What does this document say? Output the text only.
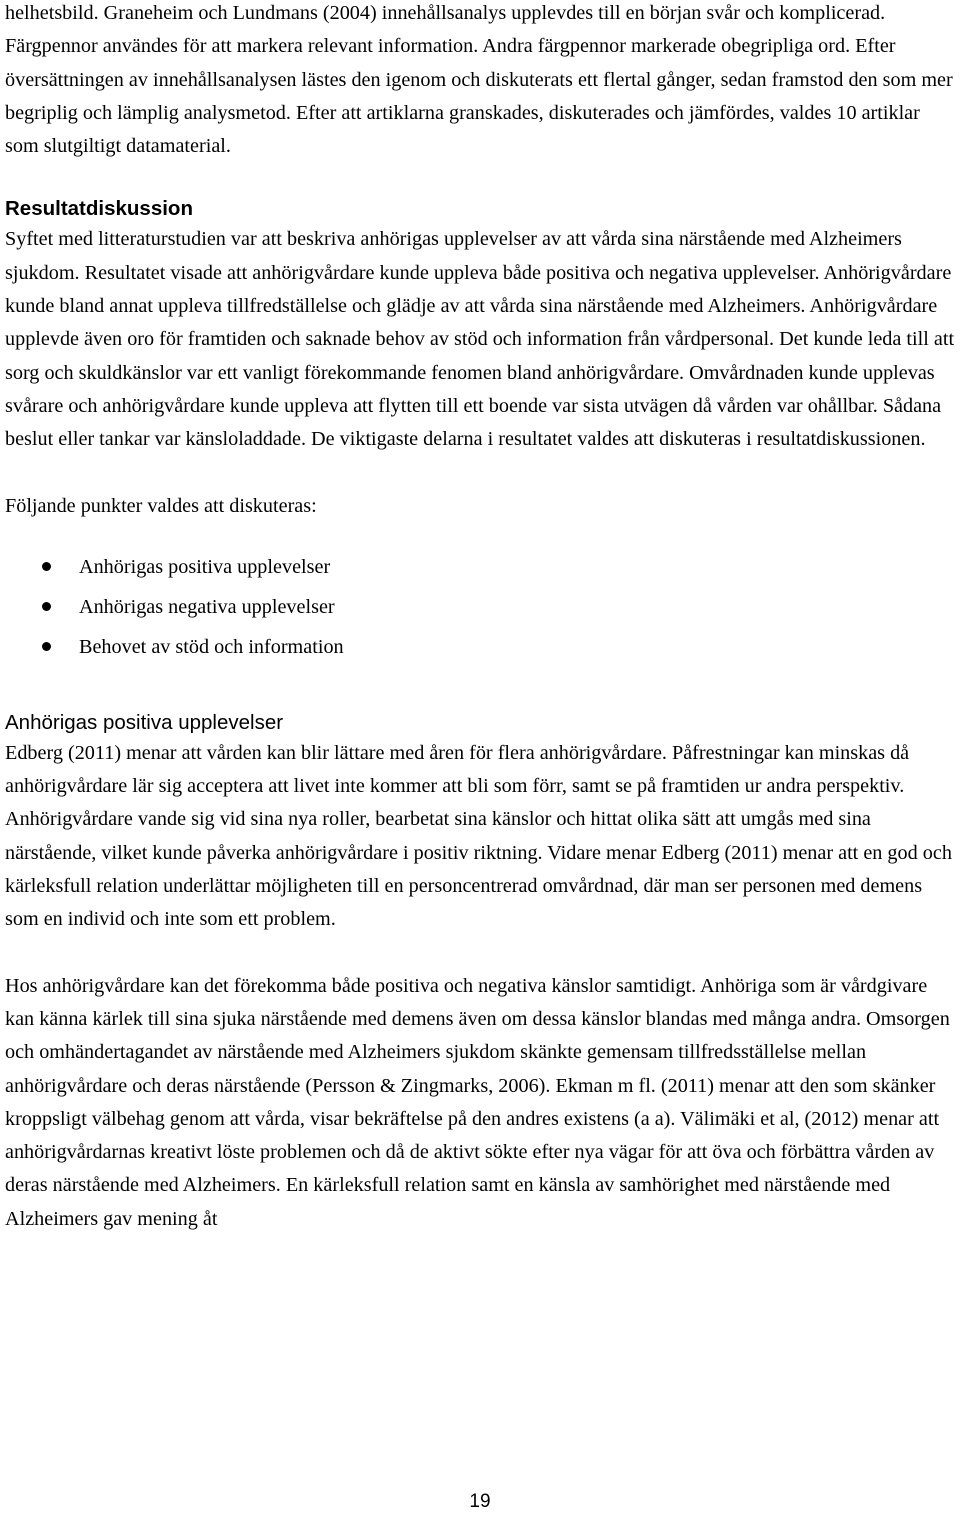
helhetsbild. Graneheim och Lundmans (2004) innehållsanalys upplevdes till en början svår och komplicerad. Färgpennor användes för att markera relevant information. Andra färgpennor markerade obegripliga ord. Efter översättningen av innehållsanalysen lästes den igenom och diskuterats ett flertal gånger, sedan framstod den som mer begriplig och lämplig analysmetod. Efter att artiklarna granskades, diskuterades och jämfördes, valdes 10 artiklar som slutgiltigt datamaterial.

Resultatdiskussion

Syftet med litteraturstudien var att beskriva anhörigas upplevelser av att vårda sina närstående med Alzheimers sjukdom. Resultatet visade att anhörigvårdare kunde uppleva både positiva och negativa upplevelser. Anhörigvårdare kunde bland annat uppleva tillfredställelse och glädje av att vårda sina närstående med Alzheimers. Anhörigvårdare upplevde även oro för framtiden och saknade behov av stöd och information från vårdpersonal. Det kunde leda till att sorg och skuldkänslor var ett vanligt förekommande fenomen bland anhörigvårdare. Omvårdnaden kunde upplevas svårare och anhörigvårdare kunde uppleva att flytten till ett boende var sista utvägen då vården var ohållbar. Sådana beslut eller tankar var känsloladdade. De viktigaste delarna i resultatet valdes att diskuteras i resultatdiskussionen.

Följande punkter valdes att diskuteras:

Anhörigas positiva upplevelser
Anhörigas negativa upplevelser
Behovet av stöd och information
Anhörigas positiva upplevelser

Edberg (2011) menar att vården kan blir lättare med åren för flera anhörigvårdare. Påfrestningar kan minskas då anhörigvårdare lär sig acceptera att livet inte kommer att bli som förr, samt se på framtiden ur andra perspektiv. Anhörigvårdare vande sig vid sina nya roller, bearbetat sina känslor och hittat olika sätt att umgås med sina närstående, vilket kunde påverka anhörigvårdare i positiv riktning. Vidare menar Edberg (2011) menar att en god och kärleksfull relation underlättar möjligheten till en personcentrerad omvårdnad, där man ser personen med demens som en individ och inte som ett problem.

Hos anhörigvårdare kan det förekomma både positiva och negativa känslor samtidigt. Anhöriga som är vårdgivare kan känna kärlek till sina sjuka närstående med demens även om dessa känslor blandas med många andra. Omsorgen och omhändertagandet av närstående med Alzheimers sjukdom skänkte gemensam tillfredsställelse mellan anhörigvårdare och deras närstående (Persson & Zingmarks, 2006). Ekman m fl. (2011) menar att den som skänker kroppsligt välbehag genom att vårda, visar bekräftelse på den andres existens (a a). Välimäki et al, (2012) menar att anhörigvårdarnas kreativt löste problemen och då de aktivt sökte efter nya vägar för att öva och förbättra vården av deras närstående med Alzheimers. En kärleksfull relation samt en känsla av samhörighet med närstående med Alzheimers gav mening åt

19
